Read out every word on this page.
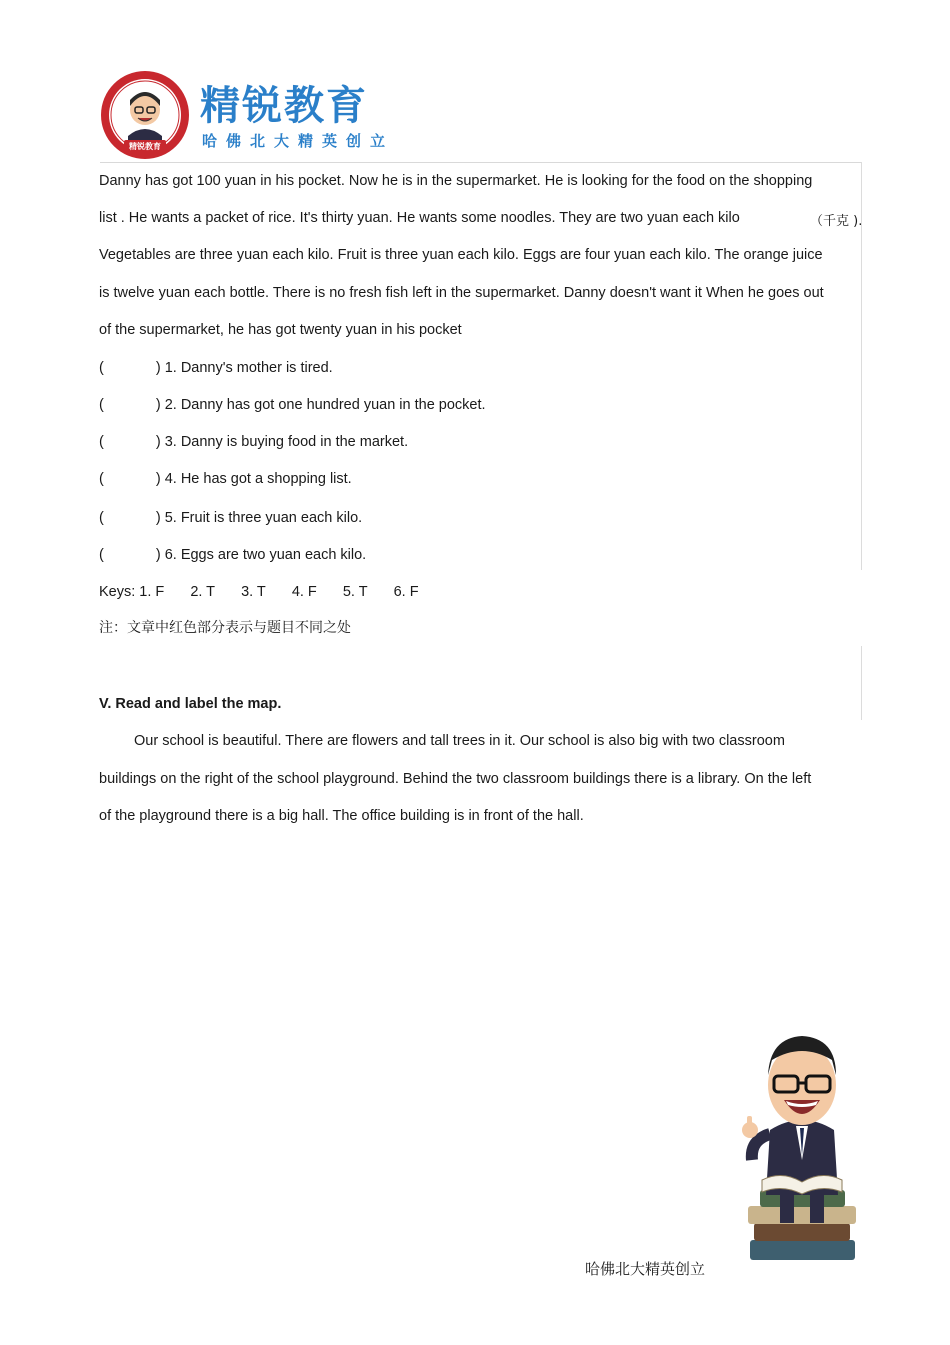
精锐教育
精锐教育
哈佛北大精英创立
Danny has got 100 yuan in his pocket. Now he is in the supermarket. He is looking for the food on the shopping
list . He wants a packet of rice. It's thirty yuan. He wants some noodles. They are two yuan each kilo	（千克 ).
Vegetables are three yuan each kilo. Fruit is three yuan each kilo. Eggs are four yuan each kilo. The orange juice
is twelve yuan each bottle. There is no fresh fish left in the supermarket. Danny doesn't want it When he goes out
of the supermarket, he has got twenty yuan in his pocket
(	) 1. Danny's mother is tired.
(	) 2. Danny has got one hundred yuan in the pocket.
(	) 3. Danny is buying food in the market.
(	) 4. He has got a shopping list.
(	) 5. Fruit is three yuan each kilo.
(	) 6. Eggs are two yuan each kilo.
Keys: 1. F 2. T 3. T 4. F 5. T 6. F
注：文章中红色部分表示与题目不同之处
V. Read and label the map.
Our school is beautiful. There are flowers and tall trees in it. Our school is also big with two classroom
buildings on the right of the school playground. Behind the two classroom buildings there is a library. On the left
of the playground there is a big hall. The office building is in front of the hall.
哈佛北大精英创立
